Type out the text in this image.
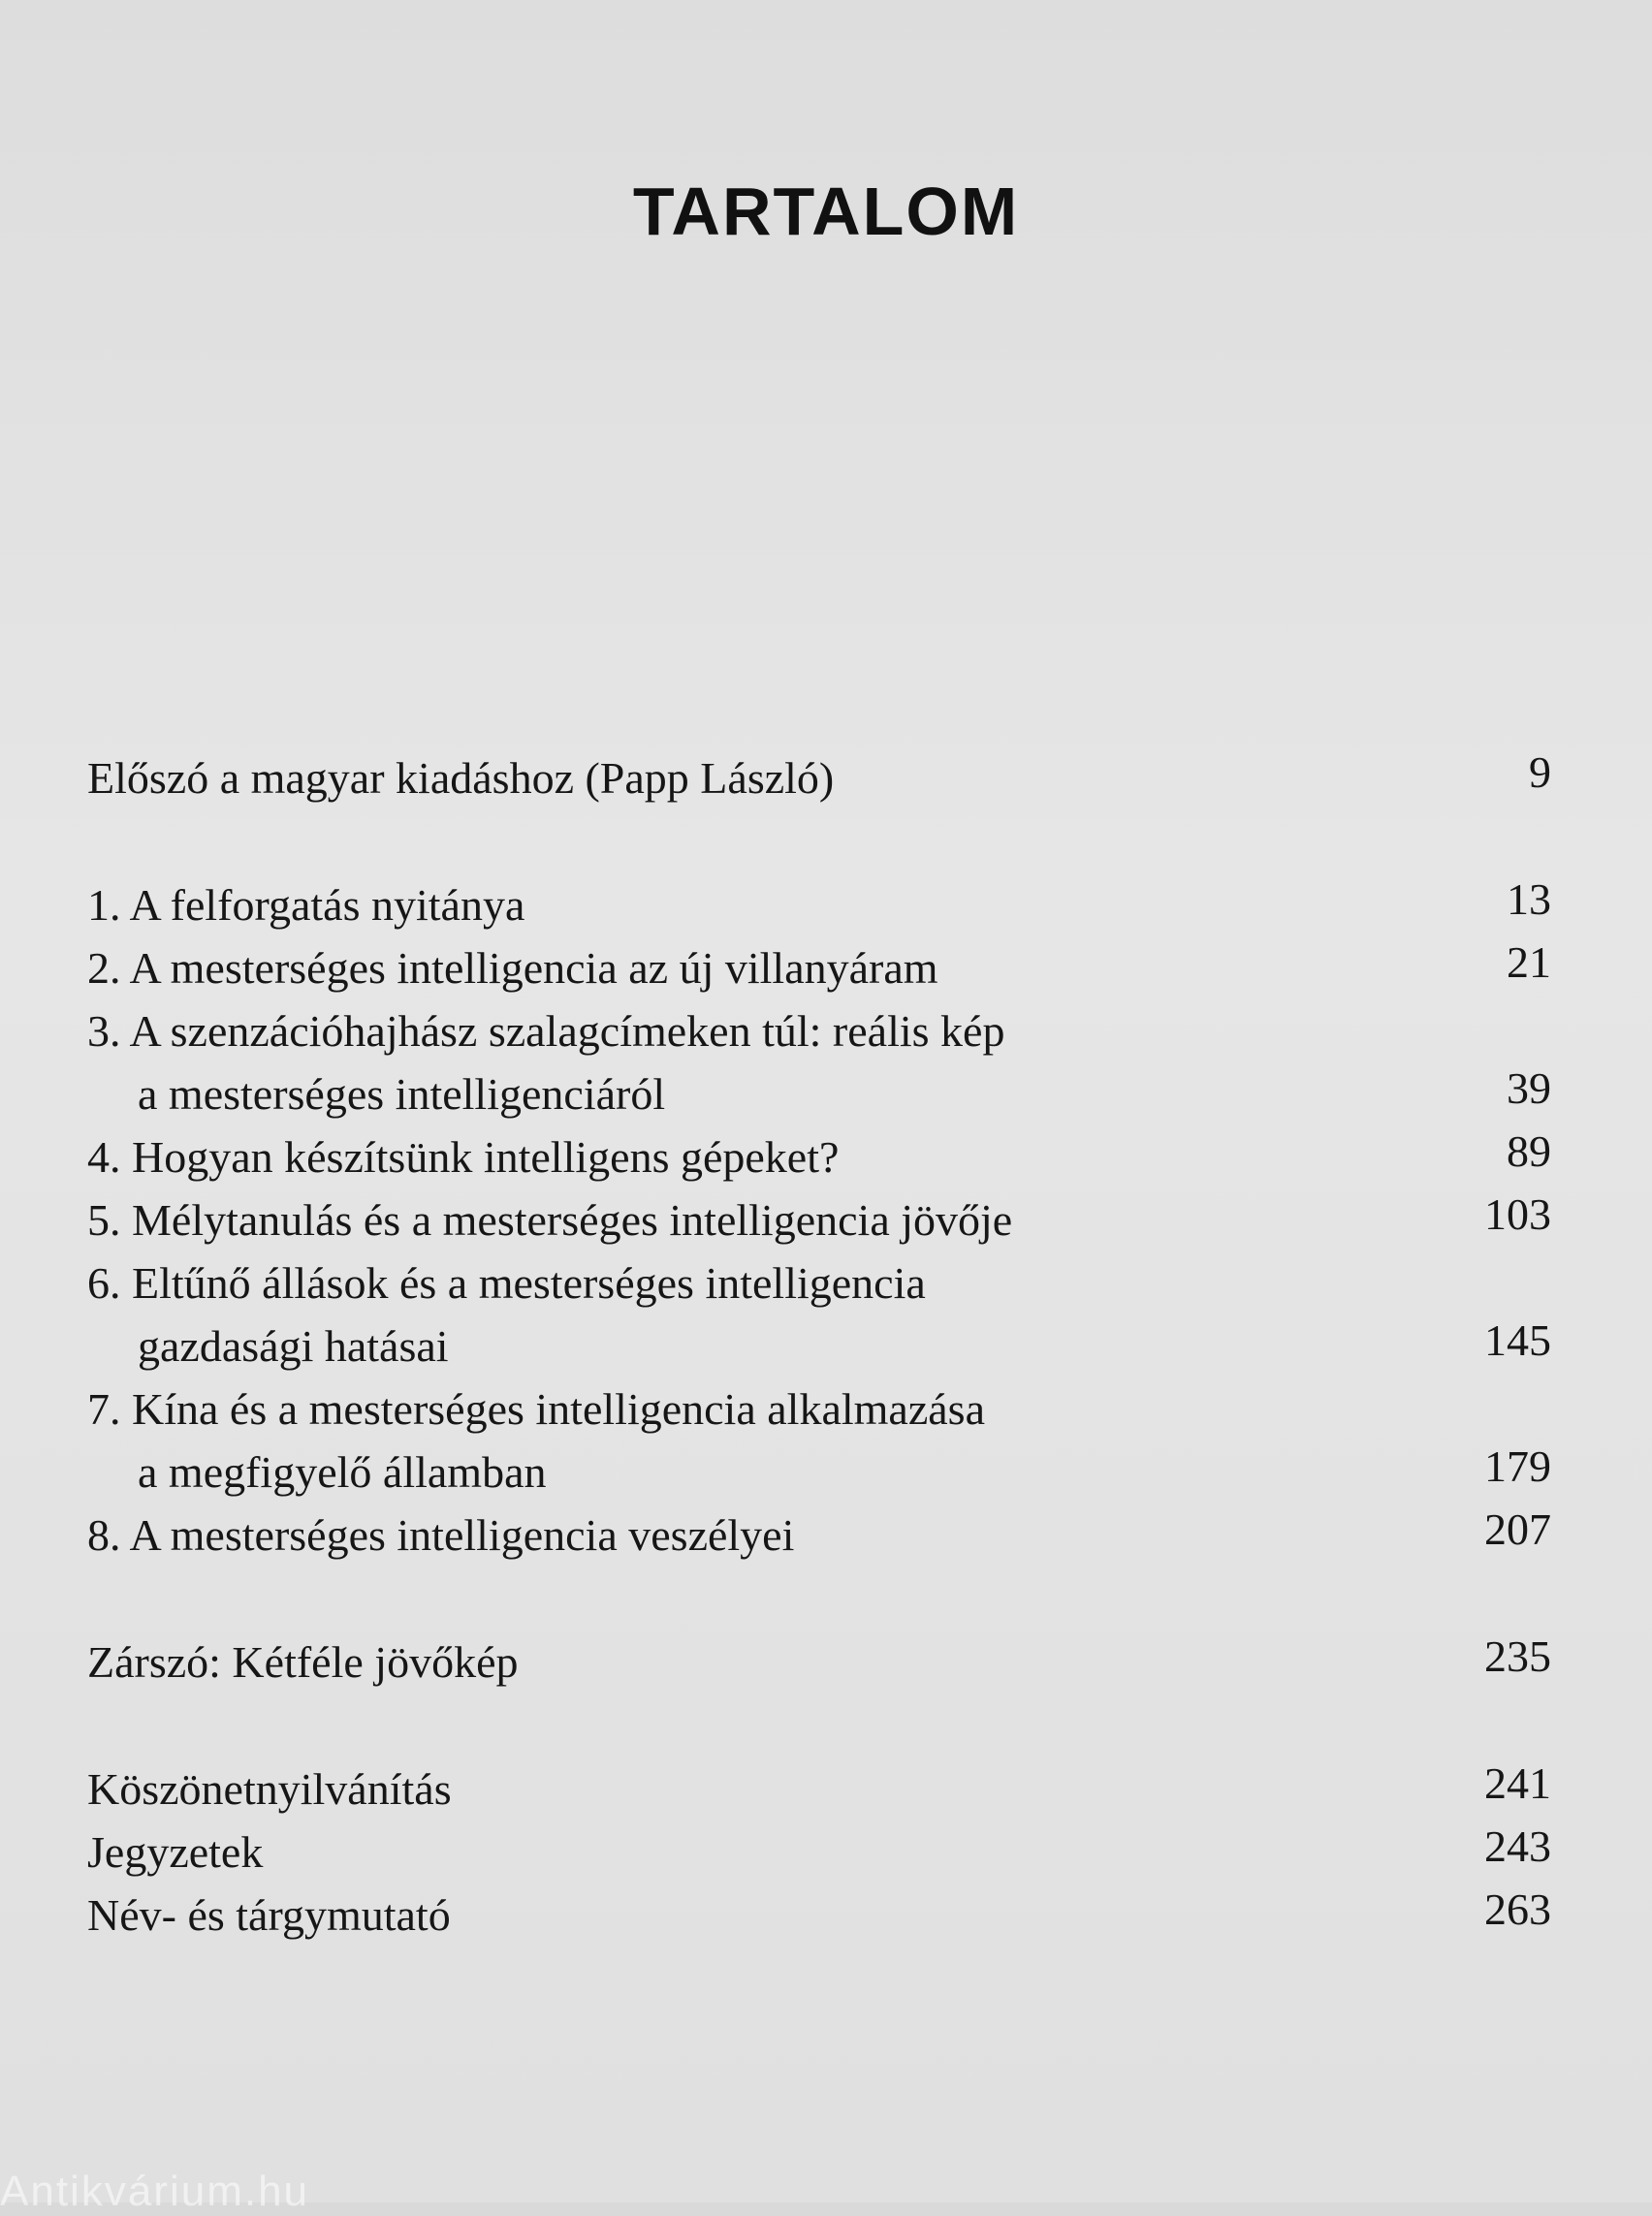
TARTALOM
Előszó a magyar kiadáshoz (Papp László)	9
1. A felforgatás nyitánya	13
2. A mesterséges intelligencia az új villanyáram	21
3. A szenzációhajhász szalagcímeken túl: reális kép
a mesterséges intelligenciáról	39
4. Hogyan készítsünk intelligens gépeket?	89
5. Mélytanulás és a mesterséges intelligencia jövője	103
6. Eltűnő állások és a mesterséges intelligencia
gazdasági hatásai	145
7. Kína és a mesterséges intelligencia alkalmazása
a megfigyelő államban	179
8. A mesterséges intelligencia veszélyei	207
Zárszó: Kétféle jövőkép	235
Köszönetnyilvánítás	241
Jegyzetek	243
Név- és tárgymutató	263
Antikvárium.hu
